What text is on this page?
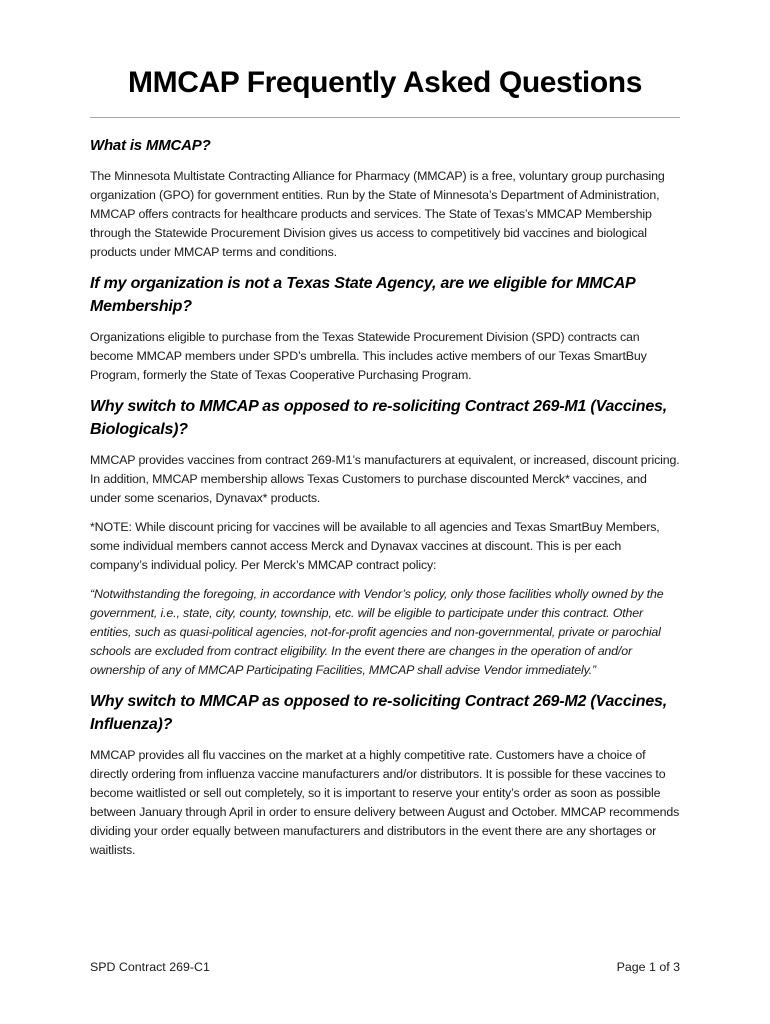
MMCAP Frequently Asked Questions
What is MMCAP?

The Minnesota Multistate Contracting Alliance for Pharmacy (MMCAP) is a free, voluntary group purchasing organization (GPO) for government entities. Run by the State of Minnesota’s Department of Administration, MMCAP offers contracts for healthcare products and services. The State of Texas’s MMCAP Membership through the Statewide Procurement Division gives us access to competitively bid vaccines and biological products under MMCAP terms and conditions.

If my organization is not a Texas State Agency, are we eligible for MMCAP Membership?

Organizations eligible to purchase from the Texas Statewide Procurement Division (SPD) contracts can become MMCAP members under SPD’s umbrella. This includes active members of our Texas SmartBuy Program, formerly the State of Texas Cooperative Purchasing Program.

Why switch to MMCAP as opposed to re-soliciting Contract 269-M1 (Vaccines, Biologicals)?

MMCAP provides vaccines from contract 269-M1’s manufacturers at equivalent, or increased, discount pricing. In addition, MMCAP membership allows Texas Customers to purchase discounted Merck* vaccines, and under some scenarios, Dynavax* products.

*NOTE: While discount pricing for vaccines will be available to all agencies and Texas SmartBuy Members, some individual members cannot access Merck and Dynavax vaccines at discount. This is per each company’s individual policy. Per Merck’s MMCAP contract policy:

“Notwithstanding the foregoing, in accordance with Vendor’s policy, only those facilities wholly owned by the government, i.e., state, city, county, township, etc. will be eligible to participate under this contract. Other entities, such as quasi-political agencies, not-for-profit agencies and non-governmental, private or parochial schools are excluded from contract eligibility. In the event there are changes in the operation of and/or ownership of any of MMCAP Participating Facilities, MMCAP shall advise Vendor immediately.”

Why switch to MMCAP as opposed to re-soliciting Contract 269-M2 (Vaccines, Influenza)?

MMCAP provides all flu vaccines on the market at a highly competitive rate. Customers have a choice of directly ordering from influenza vaccine manufacturers and/or distributors. It is possible for these vaccines to become waitlisted or sell out completely, so it is important to reserve your entity’s order as soon as possible between January through April in order to ensure delivery between August and October. MMCAP recommends dividing your order equally between manufacturers and distributors in the event there are any shortages or waitlists.

SPD Contract 269-C1	Page 1 of 3
